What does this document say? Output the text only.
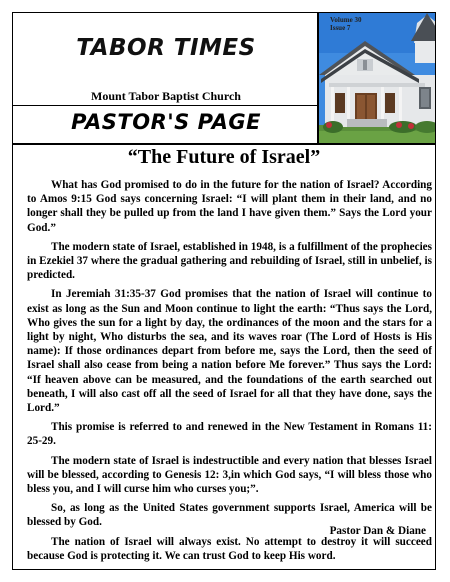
TABOR TIMES
Mount Tabor Baptist Church
PASTOR'S PAGE
Volume 30
Issue 7
“The Future of Israel”

What has God promised to do in the future for the nation of Israel? According to Amos 9:15 God says concerning Israel: “I will plant them in their land, and no longer shall they be pulled up from the land I have given them.” Says the Lord your God.”

The modern state of Israel, established in 1948, is a fulfillment of the prophecies in Ezekiel 37 where the gradual gathering and rebuilding of Israel, still in unbelief, is predicted.

In Jeremiah 31:35-37 God promises that the nation of Israel will continue to exist as long as the Sun and Moon continue to light the earth: “Thus says the Lord, Who gives the sun for a light by day, the ordinances of the moon and the stars for a light by night, Who disturbs the sea, and its waves roar (The Lord of Hosts is His name): If those ordinances depart from before me, says the Lord, then the seed of Israel shall also cease from being a nation before Me forever.” Thus says the Lord: “If heaven above can be measured, and the foundations of the earth searched out beneath, I will also cast off all the seed of Israel for all that they have done, says the Lord.”

This promise is referred to and renewed in the New Testament in Romans 11: 25-29.

The modern state of Israel is indestructible and every nation that blesses Israel will be blessed, according to Genesis 12: 3,in which God says, “I will bless those who bless you, and I will curse him who curses you;”.

So, as long as the United States government supports Israel, America will be blessed by God.

The nation of Israel will always exist. No attempt to destroy it will succeed because God is protecting it. We can trust God to keep His word.

Pastor Dan & Diane
